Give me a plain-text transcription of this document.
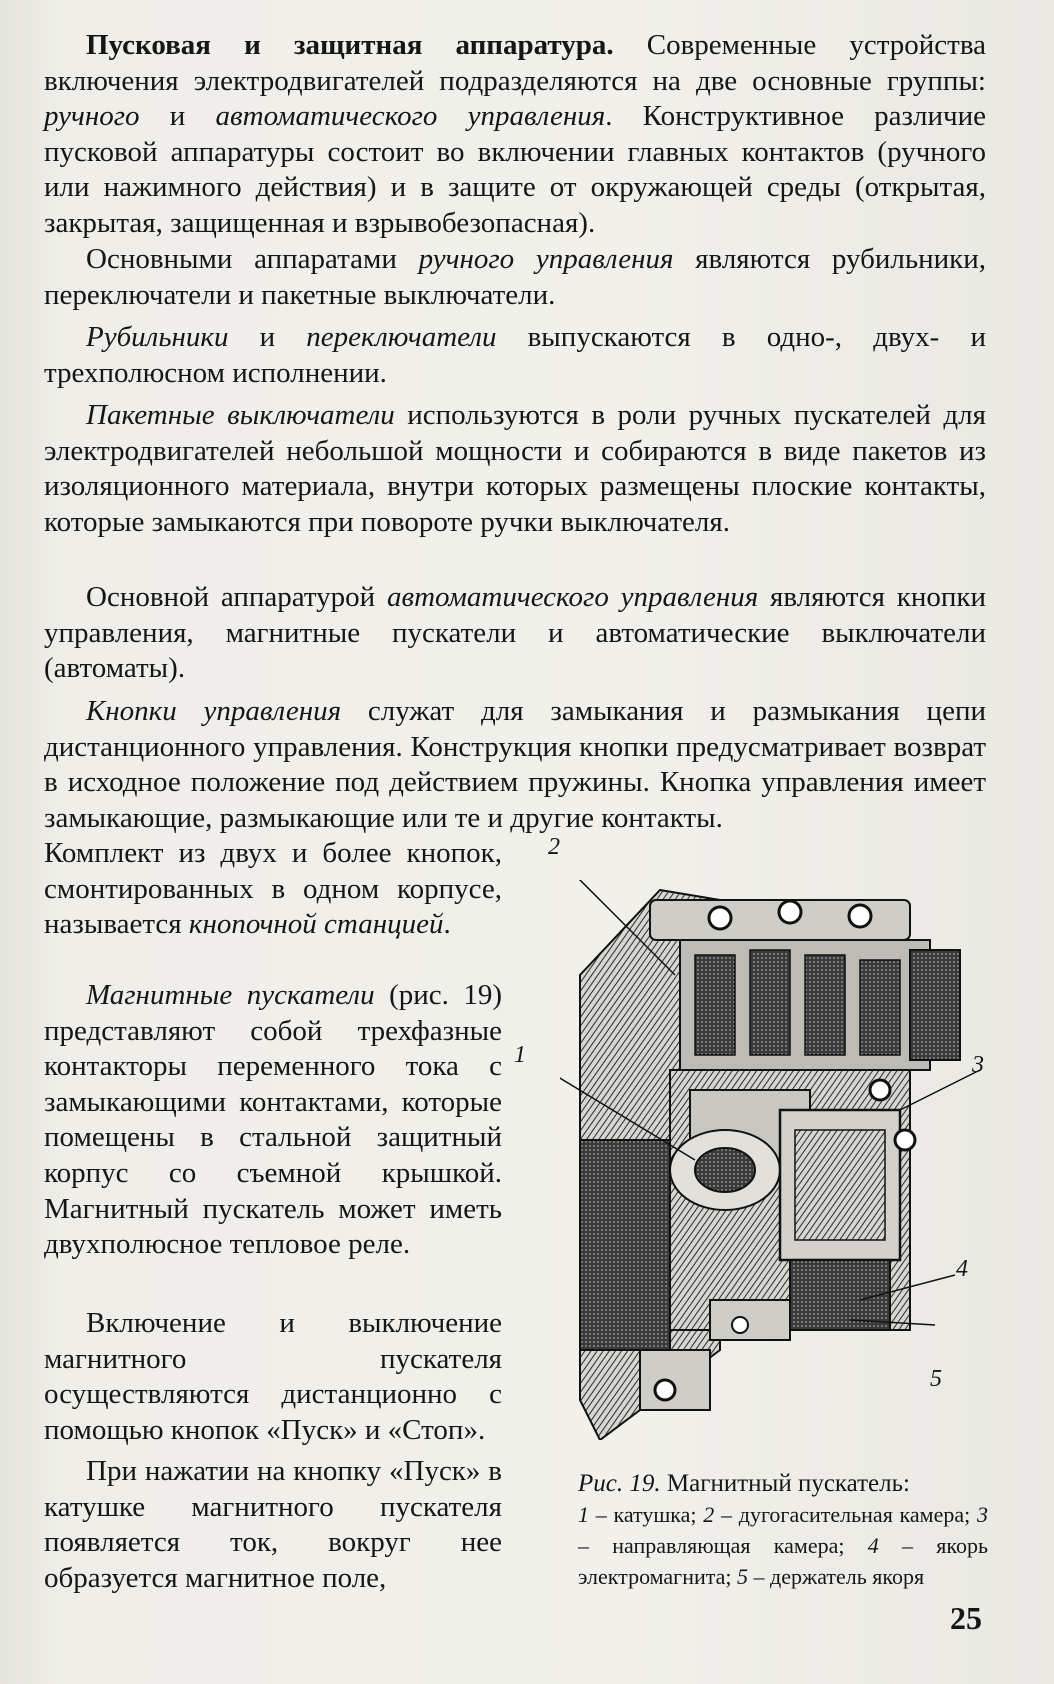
Пусковая и защитная аппаратура. Современные устройства включения электродвигателей подразделяются на две основные группы: ручного и автоматического управления. Конструктивное различие пусковой аппаратуры состоит во включении главных контактов (ручного или нажимного действия) и в защите от окружающей среды (открытая, закрытая, защищенная и взрывобезопасная).

Основными аппаратами ручного управления являются рубильники, переключатели и пакетные выключатели.

Рубильники и переключатели выпускаются в одно-, двух- и трехполюсном исполнении.

Пакетные выключатели используются в роли ручных пускателей для электродвигателей небольшой мощности и собираются в виде пакетов из изоляционного материала, внутри которых размещены плоские контакты, которые замыкаются при повороте ручки выключателя.

Основной аппаратурой автоматического управления являются кнопки управления, магнитные пускатели и автоматические выключатели (автоматы).

Кнопки управления служат для замыкания и размыкания цепи дистанционного управления. Конструкция кнопки предусматривает возврат в исходное положение под действием пружины. Кнопка управления имеет замыкающие, размыкающие или те и другие контакты.

Комплект из двух и более кнопок, смонтированных в одном корпусе, называется кнопочной станцией.

Магнитные пускатели (рис. 19) представляют собой трехфазные контакторы переменного тока с замыкающими контактами, которые помещены в стальной защитный корпус со съемной крышкой. Магнитный пускатель может иметь двухполюсное тепловое реле.

Включение и выключение магнитного пускателя осуществляются дистанционно с помощью кнопок «Пуск» и «Стоп».

При нажатии на кнопку «Пуск» в катушке магнитного пускателя появляется ток, вокруг нее образуется магнитное поле,

2
1	3
4
5

Рис. 19. Магнитный пускатель:
1 – катушка; 2 – дугогасительная камера; 3 – направляющая камера; 4 – якорь электромагнита; 5 – держатель якоря

25
